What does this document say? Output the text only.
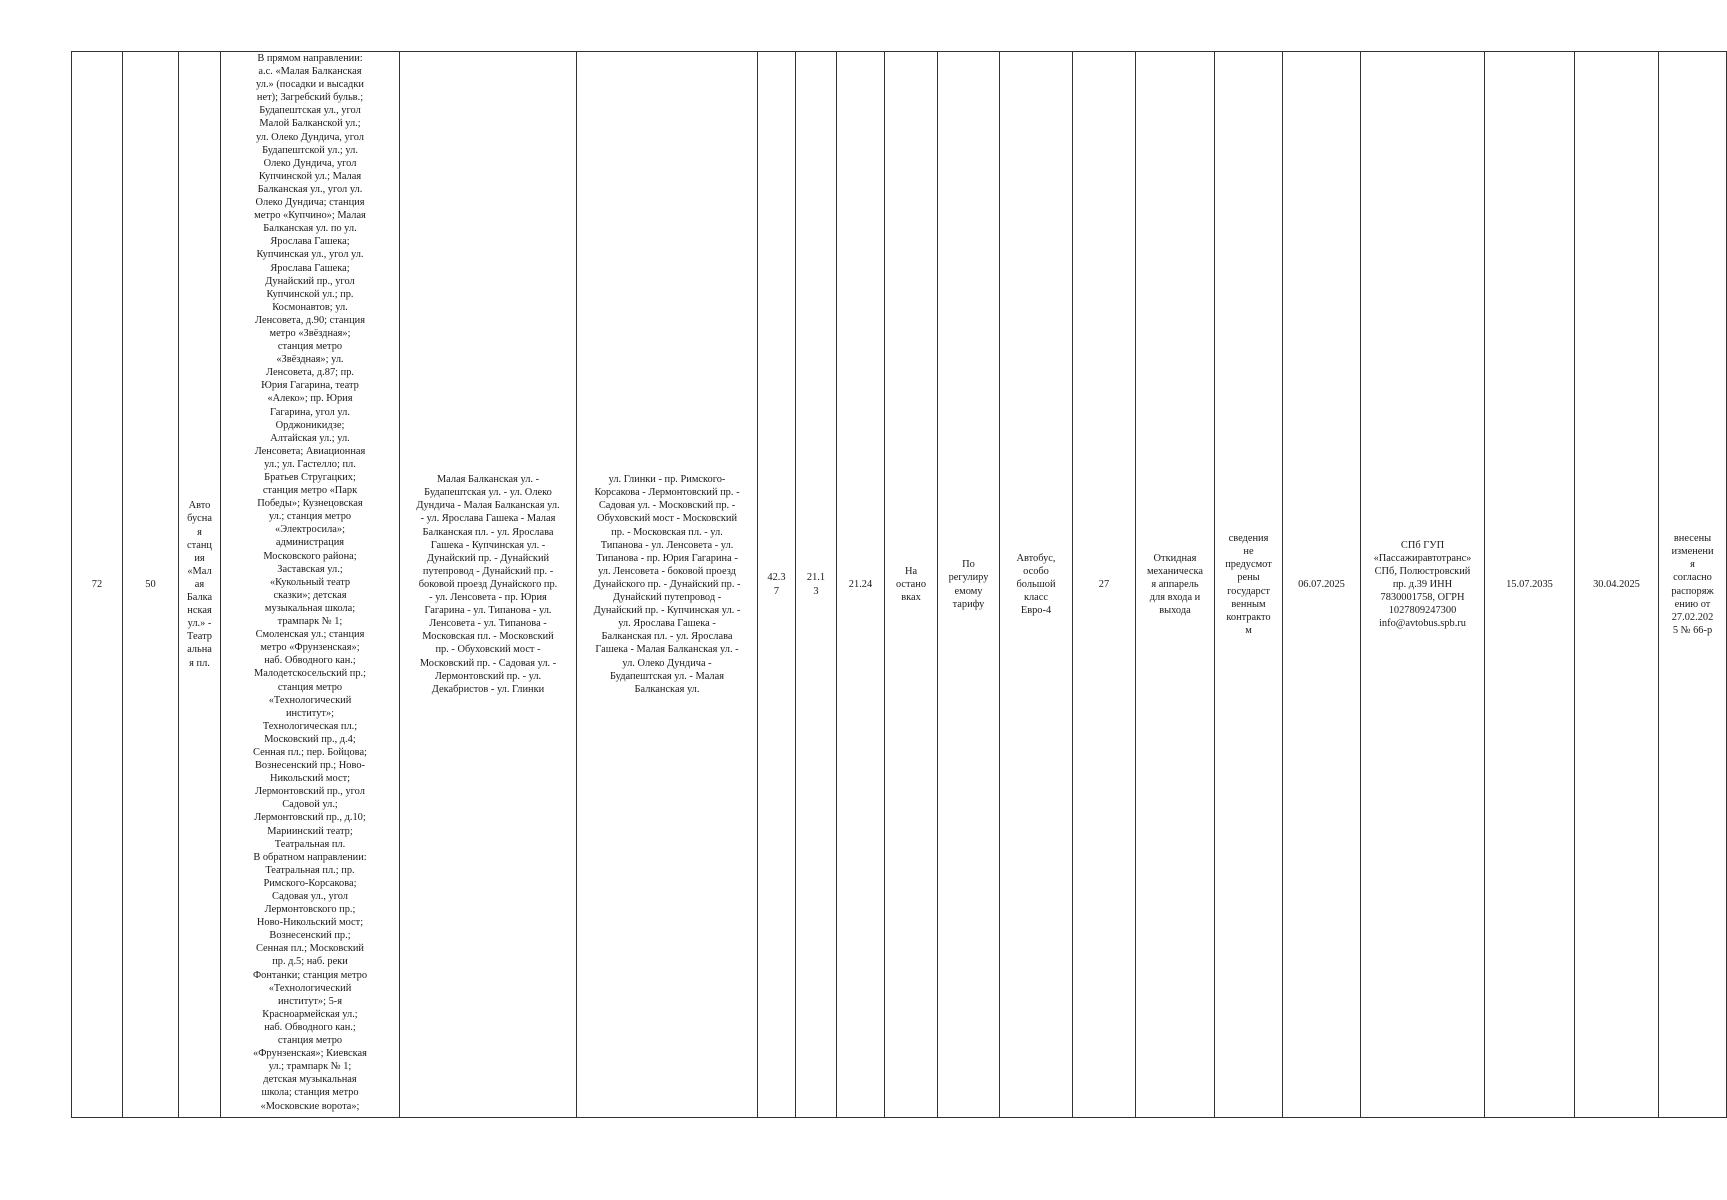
72	50	Авто
бусна
я
станц
ия
«Мал
ая
Балка
нская
ул.» -
Театр
альна
я пл.	В прямом направлении:
а.с. «Малая Балканская
ул.» (посадки и высадки
нет); Загребский бульв.;
Будапештская ул., угол
Малой Балканской ул.;
ул. Олеко Дундича, угол
Будапештской ул.; ул.
Олеко Дундича, угол
Купчинской ул.; Малая
Балканская ул., угол ул.
Олеко Дундича; станция
метро «Купчино»; Малая
Балканская ул. по ул.
Ярослава Гашека;
Купчинская ул., угол ул.
Ярослава Гашека;
Дунайский пр., угол
Купчинской ул.; пр.
Космонавтов; ул.
Ленсовета, д.90; станция
метро «Звёздная»;
станция метро
«Звёздная»; ул.
Ленсовета, д.87; пр.
Юрия Гагарина, театр
«Алеко»; пр. Юрия
Гагарина, угол ул.
Орджоникидзе;
Алтайская ул.; ул.
Ленсовета; Авиационная
ул.; ул. Гастелло; пл.
Братьев Стругацких;
станция метро «Парк
Победы»; Кузнецовская
ул.; станция метро
«Электросила»;
администрация
Московского района;
Заставская ул.;
«Кукольный театр
сказки»; детская
музыкальная школа;
трампарк № 1;
Смоленская ул.; станция
метро «Фрунзенская»;
наб. Обводного кан.;
Малодетскосельский пр.;
станция метро
«Технологический
институт»;
Технологическая пл.;
Московский пр., д.4;
Сенная пл.; пер. Бойцова;
Вознесенский пр.; Ново-
Никольский мост;
Лермонтовский пр., угол
Садовой ул.;
Лермонтовский пр., д.10;
Мариинский театр;
Театральная пл.
В обратном направлении:
Театральная пл.; пр.
Римского-Корсакова;
Садовая ул., угол
Лермонтовского пр.;
Ново-Никольский мост;
Вознесенский пр.;
Сенная пл.; Московский
пр. д.5; наб. реки
Фонтанки; станция метро
«Технологический
институт»; 5-я
Красноармейская ул.;
наб. Обводного кан.;
станция метро
«Фрунзенская»; Киевская
ул.; трампарк № 1;
детская музыкальная
школа; станция метро
«Московские ворота»;	Малая Балканская ул. -
Будапештская ул. - ул. Олеко
Дундича - Малая Балканская ул.
- ул. Ярослава Гашека - Малая
Балканская пл. - ул. Ярослава
Гашека - Купчинская ул. -
Дунайский пр. - Дунайский
путепровод - Дунайский пр. -
боковой проезд Дунайского пр.
- ул. Ленсовета - пр. Юрия
Гагарина - ул. Типанова - ул.
Ленсовета - ул. Типанова -
Московская пл. - Московский
пр. - Обуховский мост -
Московский пр. - Садовая ул. -
Лермонтовский пр. - ул.
Декабристов - ул. Глинки	ул. Глинки - пр. Римского-
Корсакова - Лермонтовский пр. -
Садовая ул. - Московский пр. -
Обуховский мост - Московский
пр. - Московская пл. - ул.
Типанова - ул. Ленсовета - ул.
Типанова - пр. Юрия Гагарина -
ул. Ленсовета - боковой проезд
Дунайского пр. - Дунайский пр. -
Дунайский путепровод -
Дунайский пр. - Купчинская ул. -
ул. Ярослава Гашека -
Балканская пл. - ул. Ярослава
Гашека - Малая Балканская ул. -
ул. Олеко Дундича -
Будапештская ул. - Малая
Балканская ул.	42.3
7	21.1
3	21.24	На
остано
вках	По
регулиру
емому
тарифу	Автобус,
особо
большой
класс
Евро-4	27	Откидная
механическа
я аппарель
для входа и
выхода	сведения
не
предусмот
рены
государст
венным
контракто
м	06.07.2025	СПб ГУП
«Пассажиравтотранс»
СПб, Полюстровский
пр. д.39 ИНН
7830001758, ОГРН
1027809247300
info@avtobus.spb.ru	15.07.2035	30.04.2025	внесены
изменени
я
согласно
распоряж
ению от
27.02.202
5 № 66-р
